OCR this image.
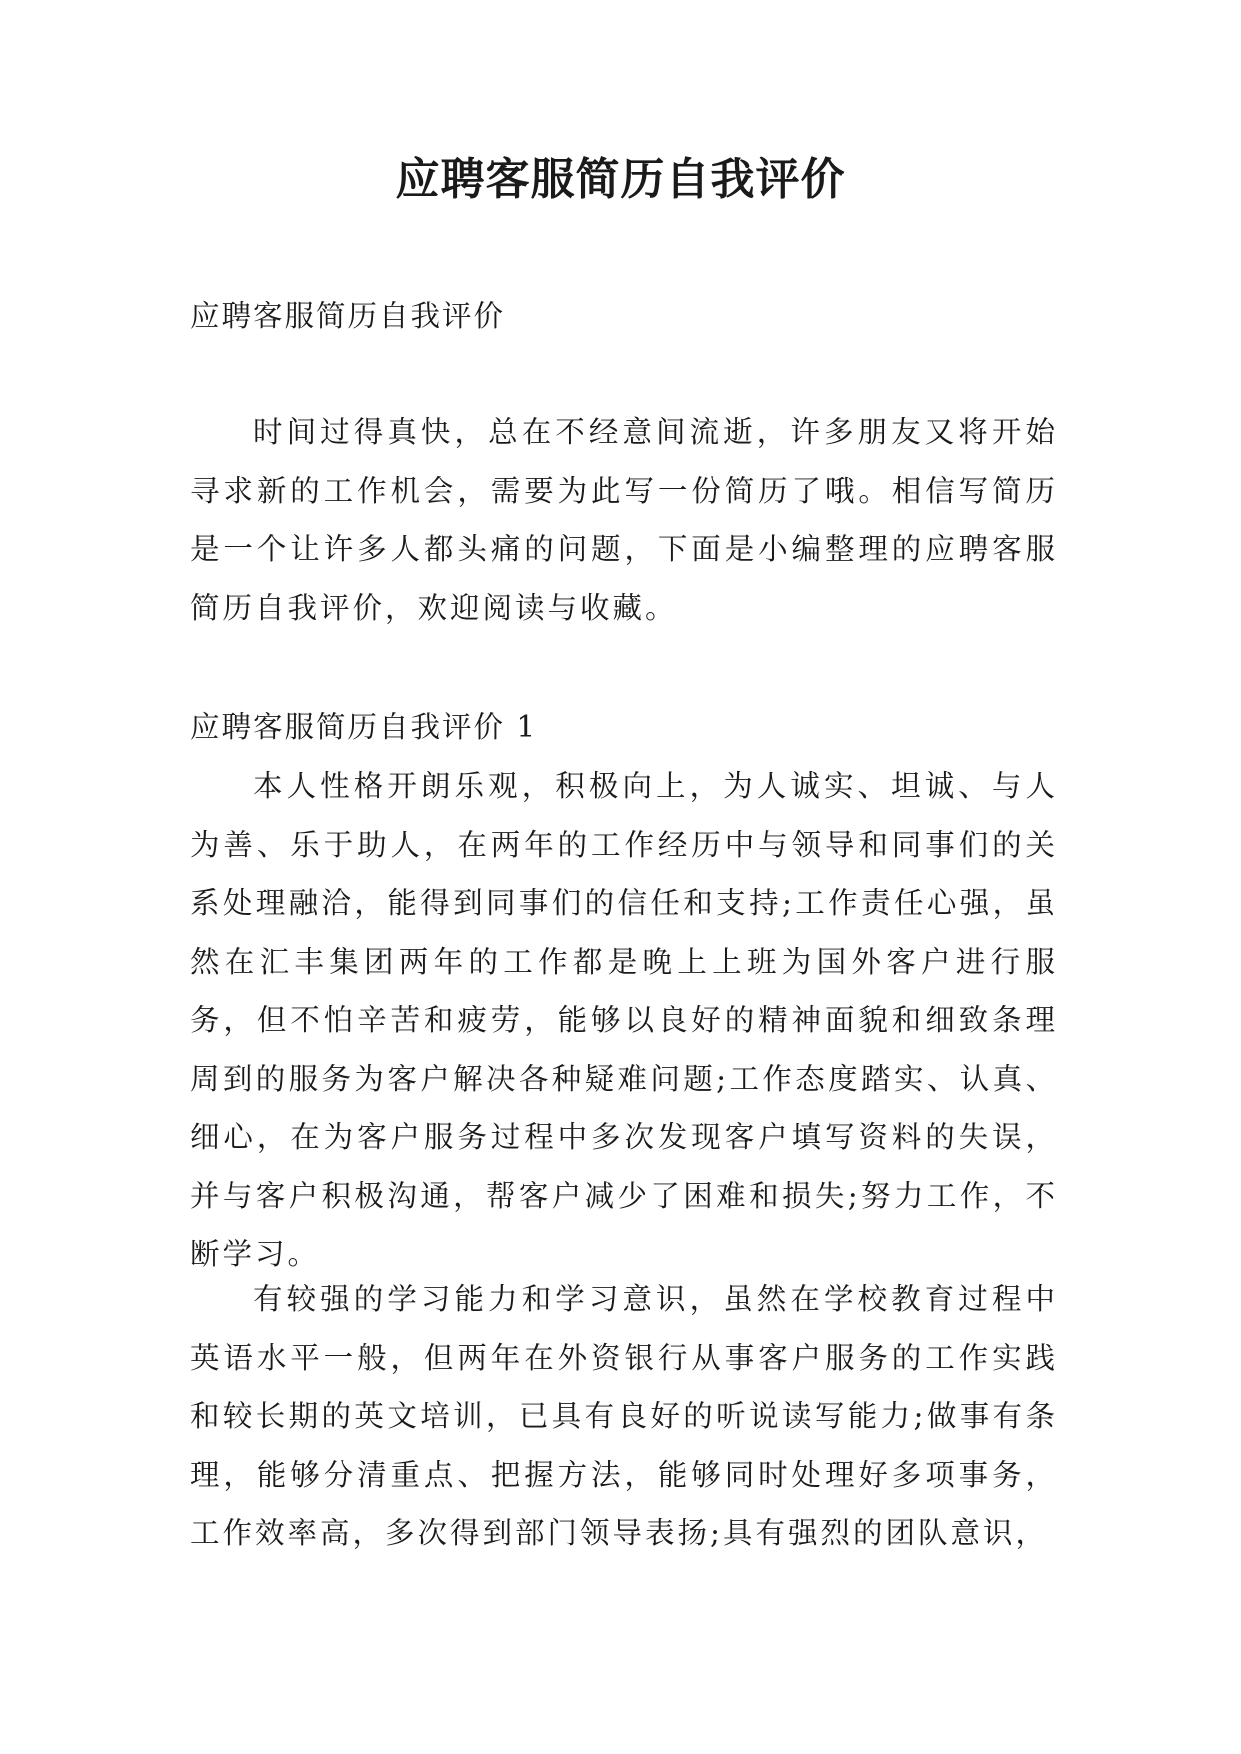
应聘客服简历自我评价

应聘客服简历自我评价

时间过得真快，总在不经意间流逝，许多朋友又将开始寻求新的工作机会，需要为此写一份简历了哦。相信写简历是一个让许多人都头痛的问题，下面是小编整理的应聘客服简历自我评价，欢迎阅读与收藏。

应聘客服简历自我评价 1

本人性格开朗乐观，积极向上，为人诚实、坦诚、与人为善、乐于助人，在两年的工作经历中与领导和同事们的关系处理融洽，能得到同事们的信任和支持;工作责任心强，虽然在汇丰集团两年的工作都是晚上上班为国外客户进行服务，但不怕辛苦和疲劳，能够以良好的精神面貌和细致条理周到的服务为客户解决各种疑难问题;工作态度踏实、认真、细心，在为客户服务过程中多次发现客户填写资料的失误，并与客户积极沟通，帮客户减少了困难和损失;努力工作，不断学习。

有较强的学习能力和学习意识，虽然在学校教育过程中英语水平一般，但两年在外资银行从事客户服务的工作实践和较长期的英文培训，已具有良好的听说读写能力;做事有条理，能够分清重点、把握方法，能够同时处理好多项事务，工作效率高，多次得到部门领导表扬;具有强烈的团队意识，
